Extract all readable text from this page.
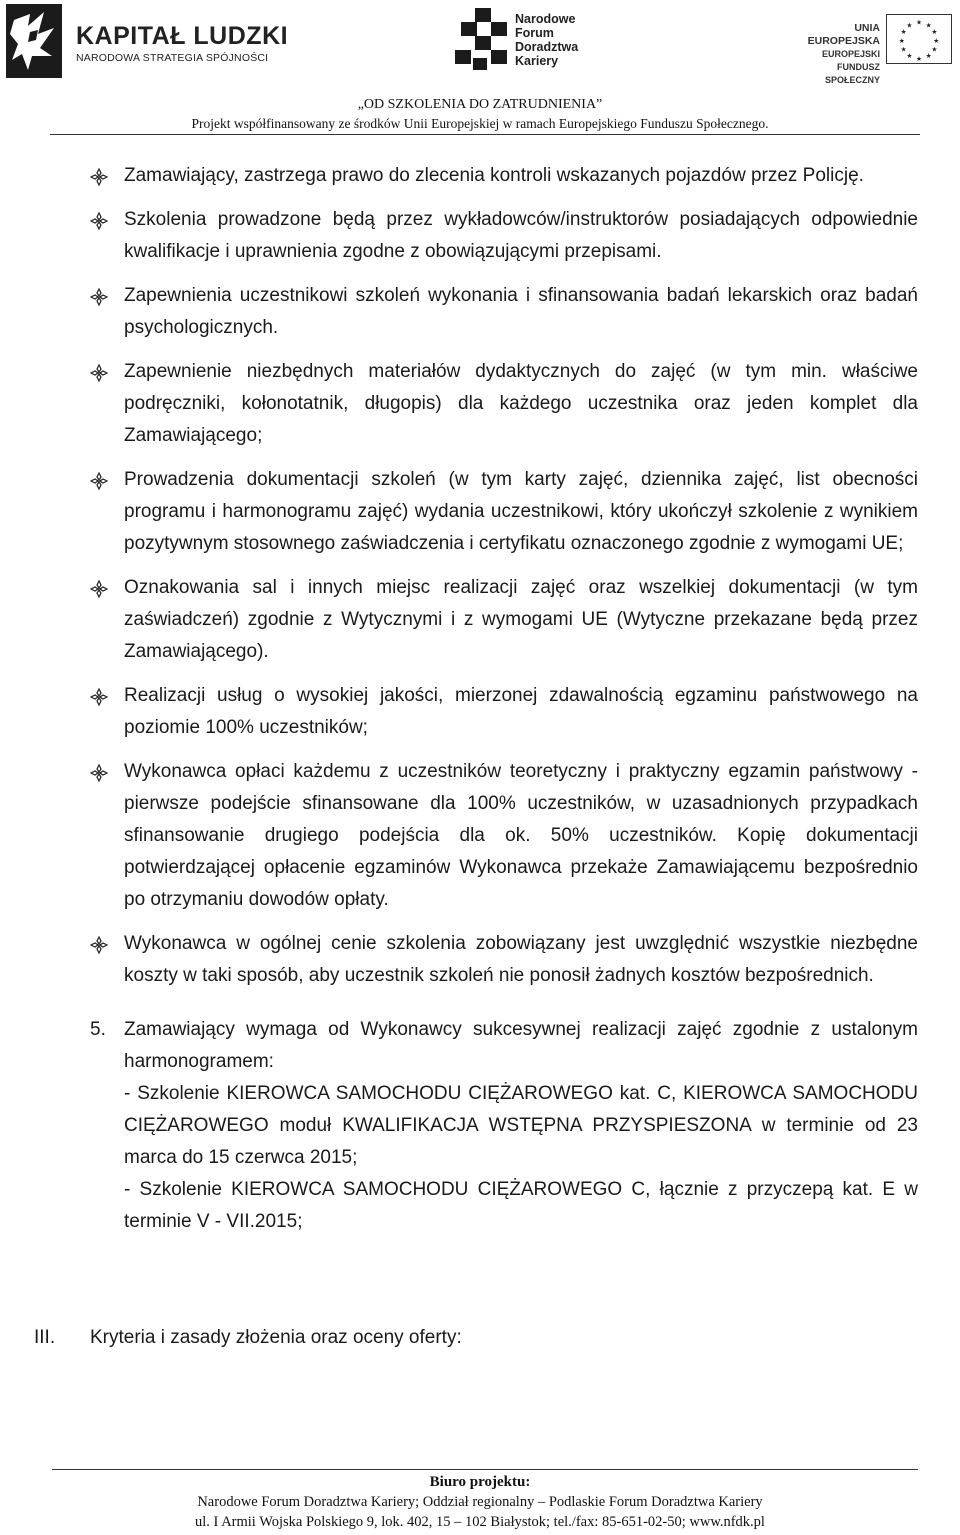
KAPITAŁ LUDZKI
NARODOWA STRATEGIA SPÓJNOŚCI
Narodowe
Forum
Doradztwa
Kariery
UNIA EUROPEJSKA
EUROPEJSKI
FUNDUSZ SPOŁECZNY
★ ★
★
★
★
★
★
★
★
★
★
★
„OD SZKOLENIA DO ZATRUDNIENIA”
Projekt współfinansowany ze środków Unii Europejskiej w ramach Europejskiego Funduszu Społecznego.
Zamawiający, zastrzega prawo do zlecenia kontroli wskazanych pojazdów przez Policję.
Szkolenia prowadzone będą przez wykładowców/instruktorów posiadających odpowiednie kwalifikacje i uprawnienia zgodne z obowiązującymi przepisami.
Zapewnienia uczestnikowi szkoleń wykonania i sfinansowania badań lekarskich oraz badań psychologicznych.
Zapewnienie niezbędnych materiałów dydaktycznych do zajęć (w tym min. właściwe podręczniki, kołonotatnik, długopis) dla każdego uczestnika oraz jeden komplet dla Zamawiającego;
Prowadzenia dokumentacji szkoleń (w tym karty zajęć, dziennika zajęć, list obecności programu i harmonogramu zajęć) wydania uczestnikowi, który ukończył szkolenie z wynikiem pozytywnym stosownego zaświadczenia i certyfikatu oznaczonego zgodnie z wymogami UE;
Oznakowania sal i innych miejsc realizacji zajęć oraz wszelkiej dokumentacji (w tym zaświadczeń) zgodnie z Wytycznymi i z wymogami UE (Wytyczne przekazane będą przez Zamawiającego).
Realizacji usług o wysokiej jakości, mierzonej zdawalnością egzaminu państwowego na poziomie 100% uczestników;
Wykonawca opłaci każdemu z uczestników teoretyczny i praktyczny egzamin państwowy - pierwsze podejście sfinansowane dla 100% uczestników, w uzasadnionych przypadkach sfinansowanie drugiego podejścia dla ok. 50% uczestników. Kopię dokumentacji potwierdzającej opłacenie egzaminów Wykonawca przekaże Zamawiającemu bezpośrednio po otrzymaniu dowodów opłaty.
Wykonawca w ogólnej cenie szkolenia zobowiązany jest uwzględnić wszystkie niezbędne koszty w taki sposób, aby uczestnik szkoleń nie ponosił żadnych kosztów bezpośrednich.
5. Zamawiający wymaga od Wykonawcy sukcesywnej realizacji zajęć zgodnie z ustalonym harmonogramem:
- Szkolenie KIEROWCA SAMOCHODU CIĘŻAROWEGO kat. C, KIEROWCA SAMOCHODU CIĘŻAROWEGO moduł KWALIFIKACJA WSTĘPNA PRZYSPIESZONA w terminie od 23 marca do 15 czerwca 2015;
- Szkolenie KIEROWCA SAMOCHODU CIĘŻAROWEGO C, łącznie z przyczepą kat. E w terminie V - VII.2015;
III. Kryteria i zasady złożenia oraz oceny oferty:
Biuro projektu:
Narodowe Forum Doradztwa Kariery; Oddział regionalny – Podlaskie Forum Doradztwa Kariery
ul. I Armii Wojska Polskiego 9, lok. 402, 15 – 102 Białystok; tel./fax: 85-651-02-50; www.nfdk.pl
